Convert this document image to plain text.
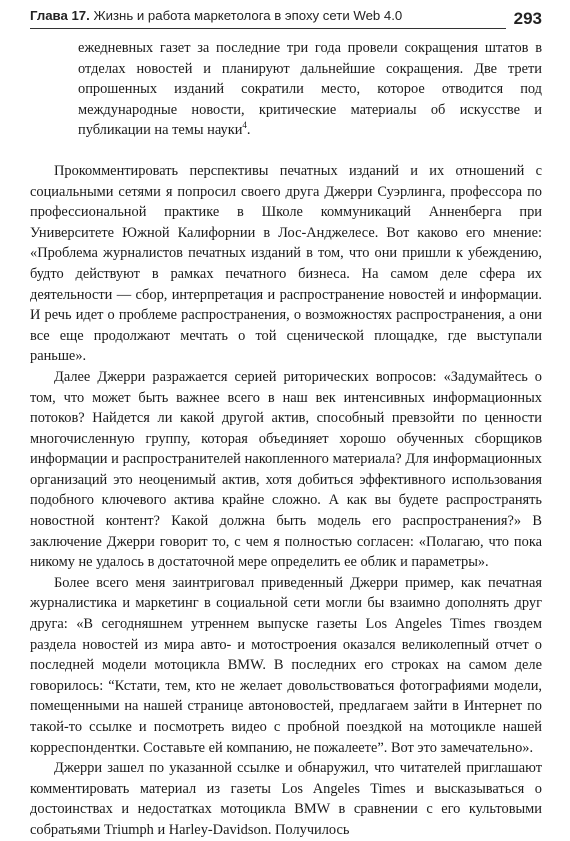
Глава 17. Жизнь и работа маркетолога в эпоху сети Web 4.0	293

ежедневных газет за последние три года провели сокращения штатов в отделах новостей и планируют дальнейшие сокращения. Две трети опрошенных изданий сократили место, которое отводится под международные новости, критические материалы об искусстве и публикации на темы науки$^4$.

Прокомментировать перспективы печатных изданий и их отношений с социальными сетями я попросил своего друга Джерри Суэрлинга, профессора по профессиональной практике в Школе коммуникаций Анненберга при Университете Южной Калифорнии в Лос-Анджелесе. Вот каково его мнение: «Проблема журналистов печатных изданий в том, что они пришли к убеждению, будто действуют в рамках печатного бизнеса. На самом деле сфера их деятельности — сбор, интерпретация и распространение новостей и информации. И речь идет о проблеме распространения, о возможностях распространения, а они все еще продолжают мечтать о той сценической площадке, где выступали раньше».

Далее Джерри разражается серией риторических вопросов: «Задумайтесь о том, что может быть важнее всего в наш век интенсивных информационных потоков? Найдется ли какой другой актив, способный превзойти по ценности многочисленную группу, которая объединяет хорошо обученных сборщиков информации и распространителей накопленного материала? Для информационных организаций это неоценимый актив, хотя добиться эффективного использования подобного ключевого актива крайне сложно. А как вы будете распространять новостной контент? Какой должна быть модель его распространения?» В заключение Джерри говорит то, с чем я полностью согласен: «Полагаю, что пока никому не удалось в достаточной мере определить ее облик и параметры».

Более всего меня заинтриговал приведенный Джерри пример, как печатная журналистика и маркетинг в социальной сети могли бы взаимно дополнять друг друга: «В сегодняшнем утреннем выпуске газеты Los Angeles Times гвоздем раздела новостей из мира авто- и мотостроения оказался великолепный отчет о последней модели мотоцикла BMW. В последних его строках на самом деле говорилось: “Кстати, тем, кто не желает довольствоваться фотографиями модели, помещенными на нашей странице автоновостей, предлагаем зайти в Интернет по такой-то ссылке и посмотреть видео с пробной поездкой на мотоцикле нашей корреспондентки. Составьте ей компанию, не пожалеете”. Вот это замечательно».

Джерри зашел по указанной ссылке и обнаружил, что читателей приглашают комментировать материал из газеты Los Angeles Times и высказываться о достоинствах и недостатках мотоцикла BMW в сравнении с его культовыми собратьями Triumph и Harley-Davidson. Получилось
